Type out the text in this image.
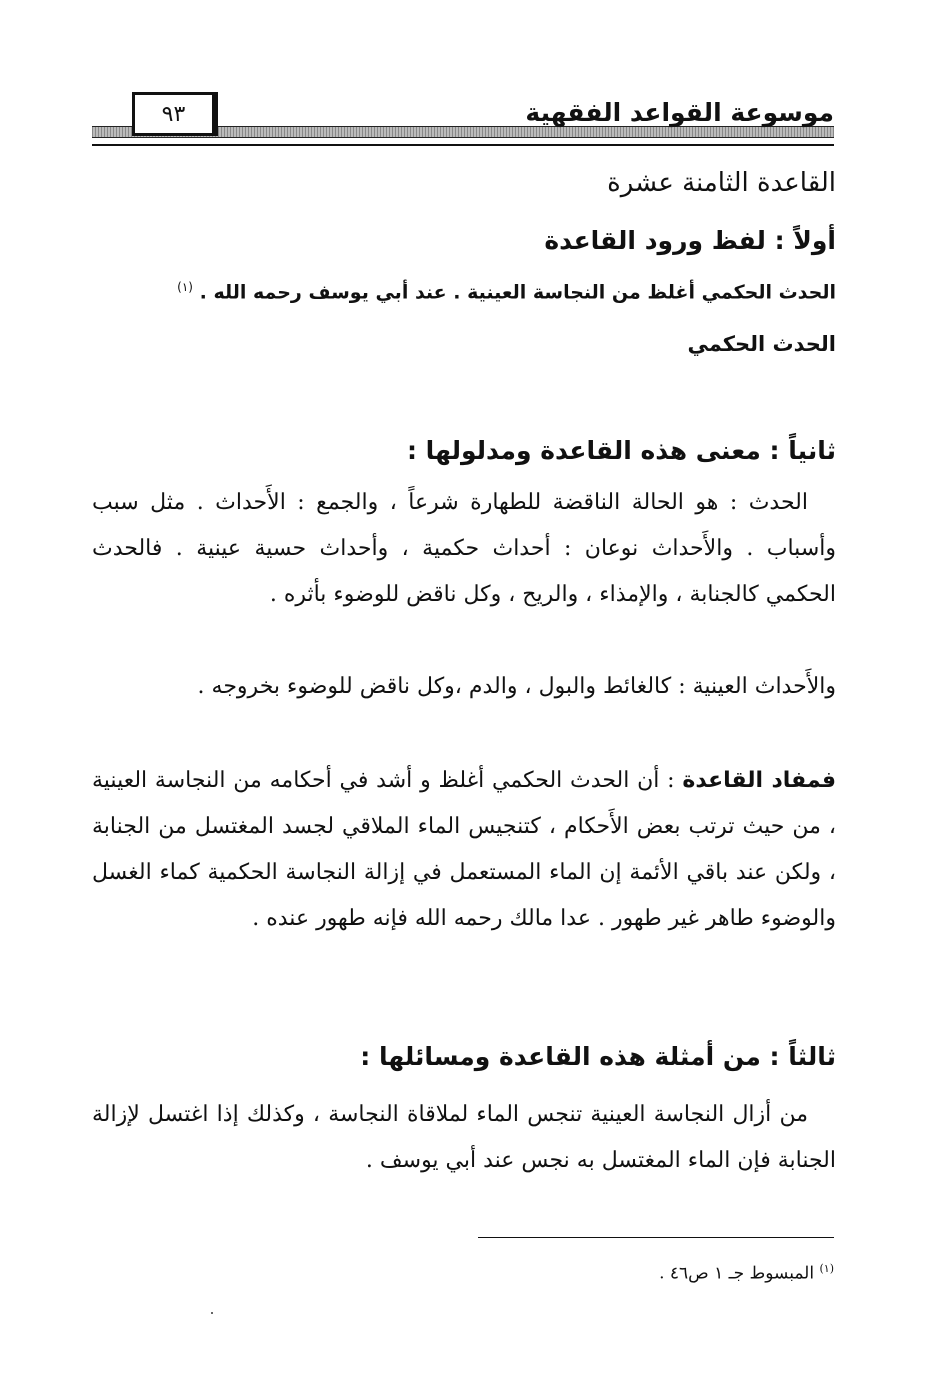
٩٣	موسوعة القواعد الفقهية
القاعدة الثامنة عشرة
أولاً : لفظ ورود القاعدة
الحدث الحكمي أغلظ من النجاسة العينية . عند أبي يوسف رحمه الله . $^{(١)}$
الحدث الحكمي
ثانياً : معنى هذه القاعدة ومدلولها :
الحدث : هو الحالة الناقضة للطهارة شرعاً ، والجمع : الأَحداث . مثل سبب وأسباب . والأَحداث نوعان : أحداث حكمية ، وأحداث حسية عينية . فالحدث الحكمي كالجنابة ، والإمذاء ، والريح ، وكل ناقض للوضوء بأثره .
والأَحداث العينية : كالغائط والبول ، والدم ،وكل ناقض للوضوء بخروجه .
فمفاد القاعدة : أن الحدث الحكمي أغلظ و أشد في أحكامه من النجاسة العينية ، من حيث ترتب بعض الأَحكام ، كتنجيس الماء الملاقي لجسد المغتسل من الجنابة ، ولكن عند باقي الأئمة إن الماء المستعمل في إزالة النجاسة الحكمية كماء الغسل والوضوء طاهر غير طهور . عدا مالك رحمه الله فإنه طهور عنده .
ثالثاً : من أمثلة هذه القاعدة ومسائلها :
من أزال النجاسة العينية تنجس الماء لملاقاة النجاسة ، وكذلك إذا اغتسل لإزالة الجنابة فإن الماء المغتسل به نجس عند أبي يوسف .
$^{(١)}$ المبسوط جـ ١ ص٤٦ .
